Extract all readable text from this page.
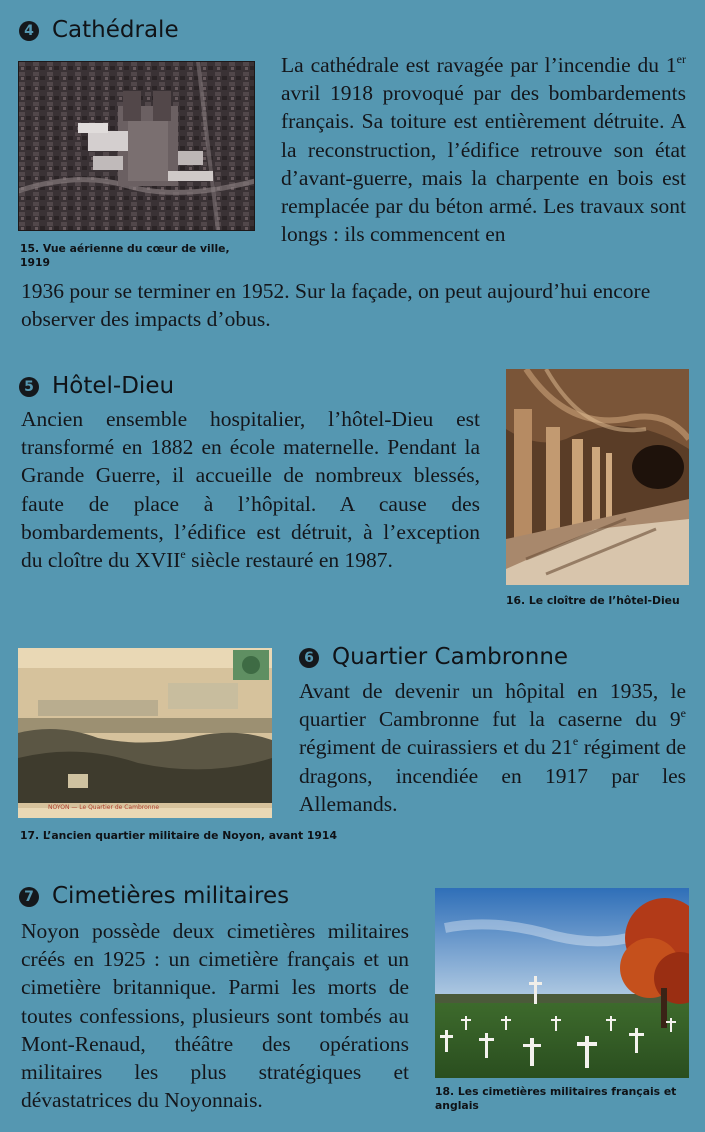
4 Cathédrale
15. Vue aérienne du cœur de ville, 1919
La cathédrale est ravagée par l’incendie du 1er avril 1918 provoqué par des bombardements français. Sa toiture est entièrement détruite. A la reconstruction, l’édifice retrouve son état d’avant-guerre, mais la charpente en bois est remplacée par du béton armé. Les travaux sont longs : ils commencent en
1936 pour se terminer en 1952. Sur la façade, on peut aujourd’hui encore observer des impacts d’obus.
5 Hôtel-Dieu
Ancien ensemble hospitalier, l’hôtel-Dieu est transformé en 1882 en école maternelle. Pendant la Grande Guerre, il accueille de nombreux blessés, faute de place à l’hôpital. A cause des bombardements, l’édifice est détruit, à l’exception du cloître du XVIIe siècle restauré en 1987.
16. Le cloître de l’hôtel-Dieu
NOYON — Le Quartier de Cambronne
6 Quartier Cambronne
Avant de devenir un hôpital en 1935, le quartier Cambronne fut la caserne du 9e régiment de cuirassiers et du 21e régiment de dragons, incendiée en 1917 par les Allemands.
17. L’ancien quartier militaire de Noyon, avant 1914
7 Cimetières militaires
Noyon possède deux cimetières militaires créés en 1925 : un cimetière français et un cimetière britannique. Parmi les morts de toutes confessions, plusieurs sont tombés au Mont-Renaud, théâtre des opérations militaires les plus stratégiques et dévastatrices du Noyonnais.	18. Les cimetières militaires français et anglais
